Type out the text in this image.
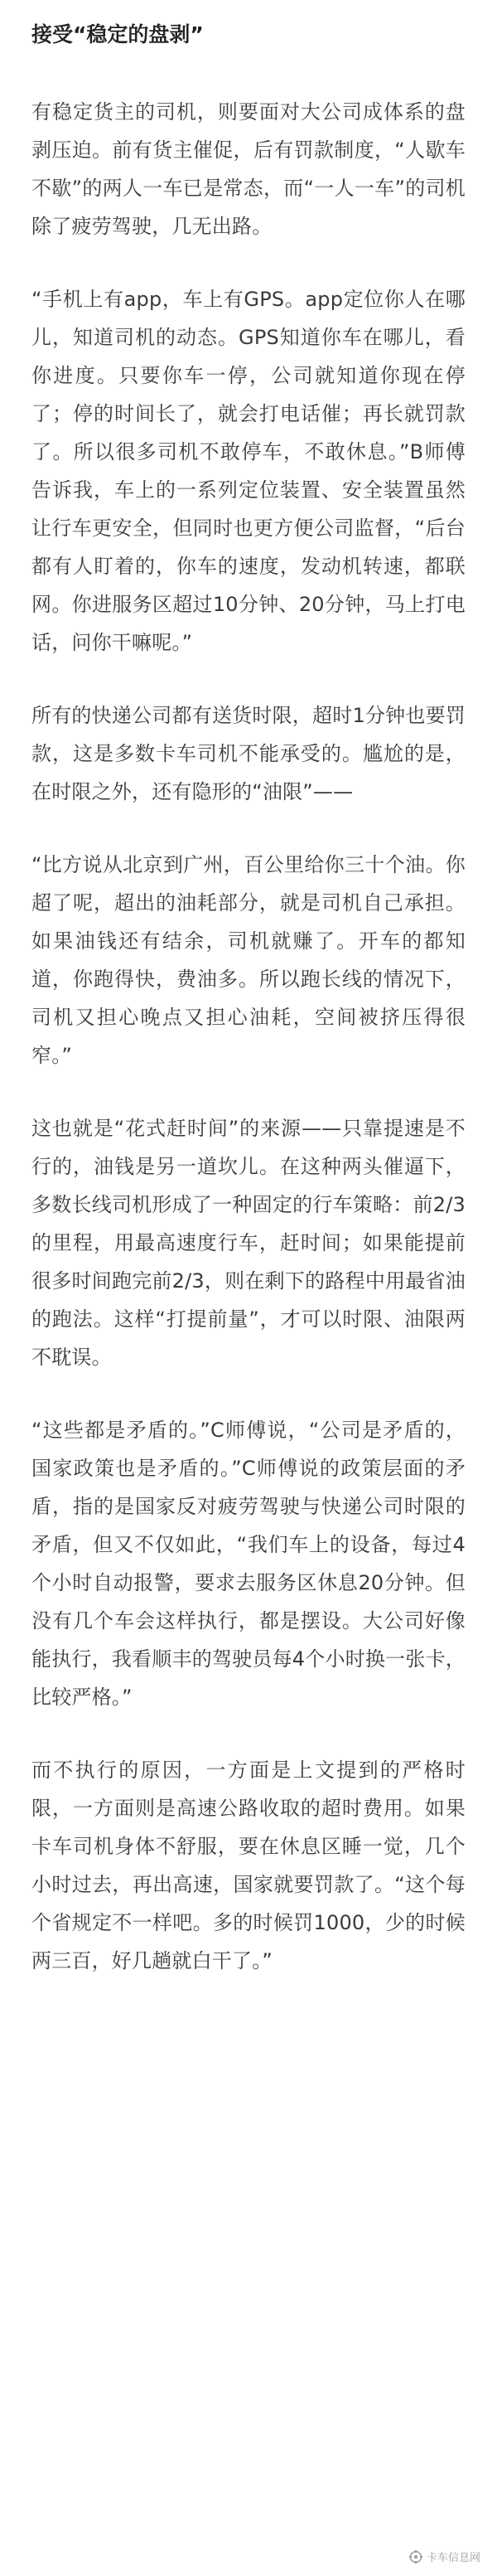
接受“稳定的盘剥”

有稳定货主的司机，则要面对大公司成体系的盘剥压迫。前有货主催促，后有罚款制度，“人歇车不歇”的两人一车已是常态，而“一人一车”的司机除了疲劳驾驶，几无出路。

“手机上有app，车上有GPS。app定位你人在哪儿，知道司机的动态。GPS知道你车在哪儿，看你进度。只要你车一停，公司就知道你现在停了；停的时间长了，就会打电话催；再长就罚款了。所以很多司机不敢停车，不敢休息。”B师傅告诉我，车上的一系列定位装置、安全装置虽然让行车更安全，但同时也更方便公司监督，“后台都有人盯着的，你车的速度，发动机转速，都联网。你进服务区超过10分钟、20分钟，马上打电话，问你干嘛呢。”

所有的快递公司都有送货时限，超时1分钟也要罚款，这是多数卡车司机不能承受的。尴尬的是，在时限之外，还有隐形的“油限”——

“比方说从北京到广州，百公里给你三十个油。你超了呢，超出的油耗部分，就是司机自己承担。如果油钱还有结余，司机就赚了。开车的都知道，你跑得快，费油多。所以跑长线的情况下，司机又担心晚点又担心油耗，空间被挤压得很窄。”

这也就是“花式赶时间”的来源——只靠提速是不行的，油钱是另一道坎儿。在这种两头催逼下，多数长线司机形成了一种固定的行车策略：前2/3的里程，用最高速度行车，赶时间；如果能提前很多时间跑完前2/3，则在剩下的路程中用最省油的跑法。这样“打提前量”，才可以时限、油限两不耽误。

“这些都是矛盾的。”C师傅说，“公司是矛盾的，国家政策也是矛盾的。”C师傅说的政策层面的矛盾，指的是国家反对疲劳驾驶与快递公司时限的矛盾，但又不仅如此，“我们车上的设备，每过4个小时自动报警，要求去服务区休息20分钟。但没有几个车会这样执行，都是摆设。大公司好像能执行，我看顺丰的驾驶员每4个小时换一张卡，比较严格。”

而不执行的原因，一方面是上文提到的严格时限，一方面则是高速公路收取的超时费用。如果卡车司机身体不舒服，要在休息区睡一觉，几个小时过去，再出高速，国家就要罚款了。“这个每个省规定不一样吧。多的时候罚1000，少的时候两三百，好几趟就白干了。”

卡车信息网
